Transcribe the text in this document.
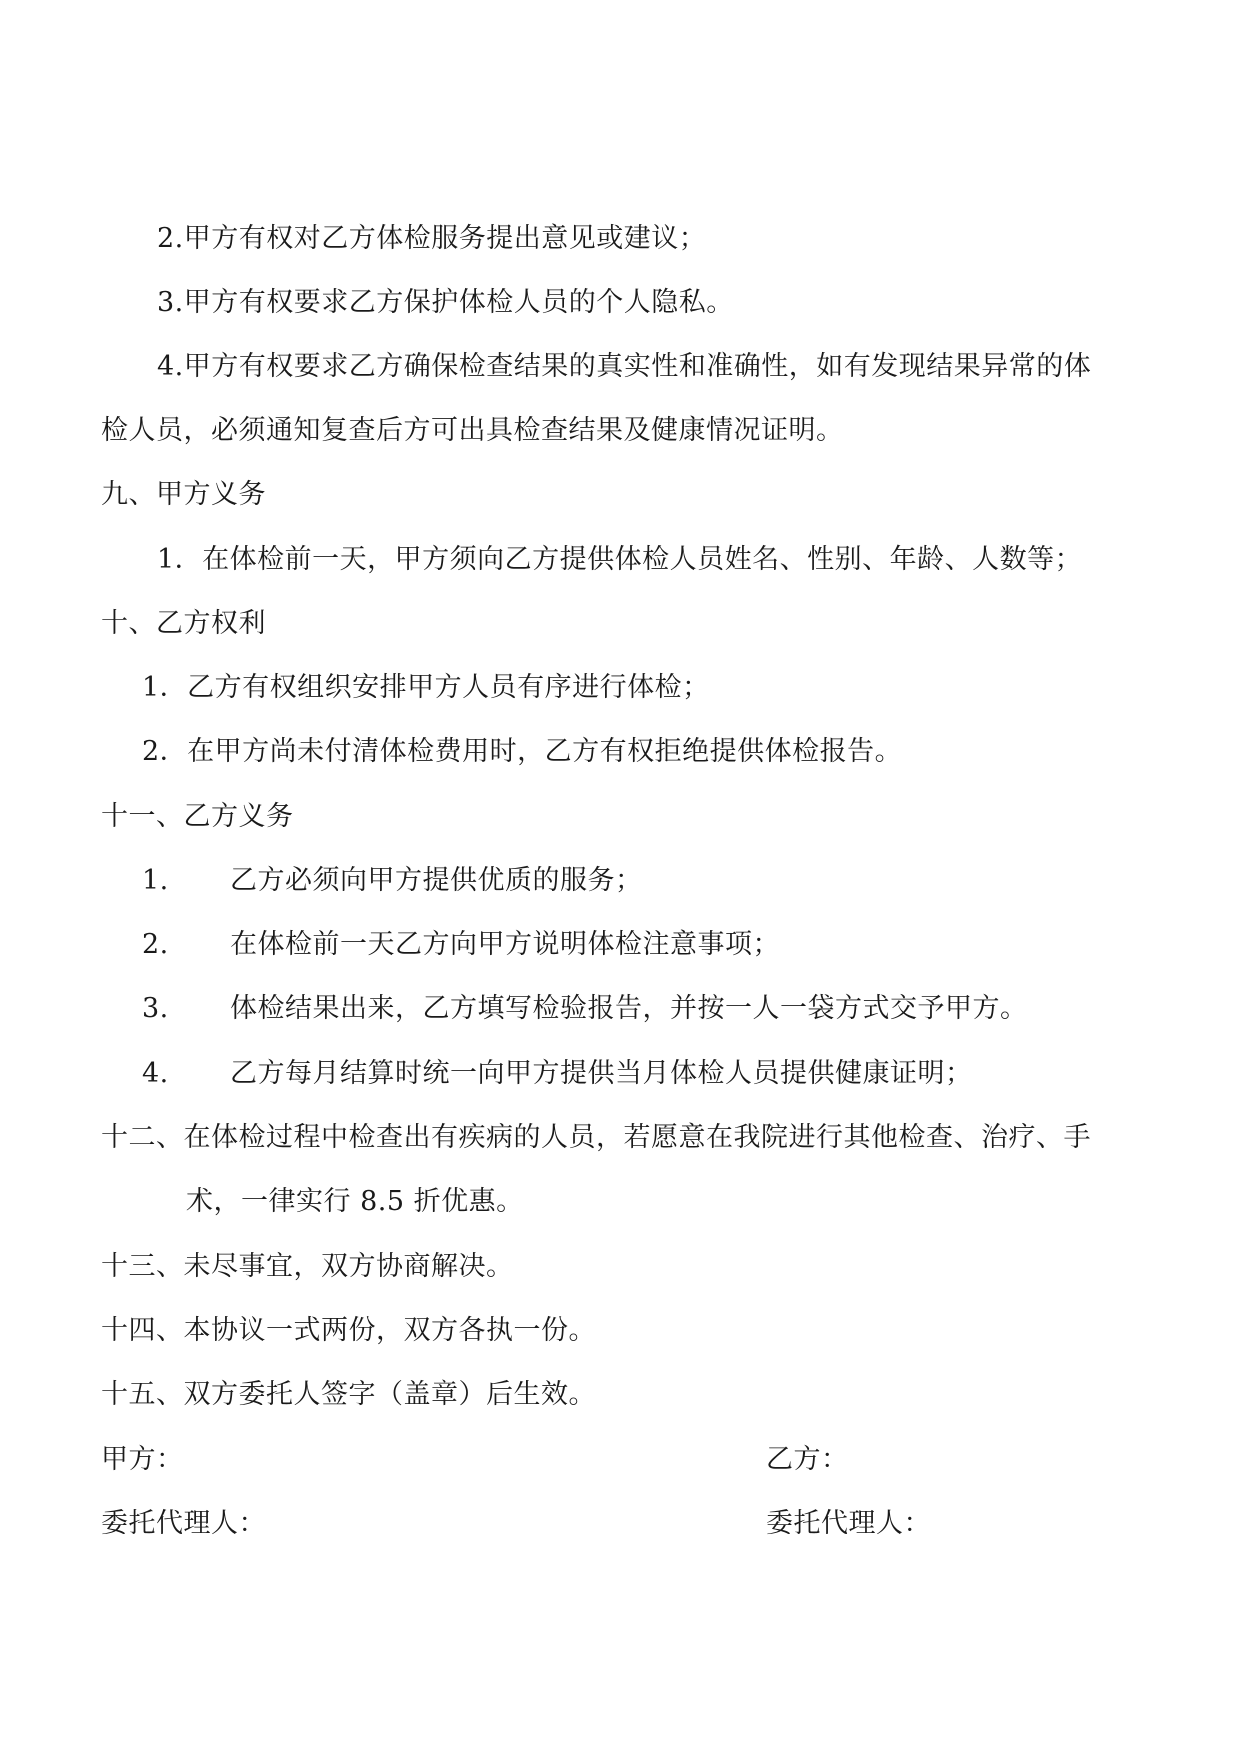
2.甲方有权对乙方体检服务提出意见或建议；
3.甲方有权要求乙方保护体检人员的个人隐私。
4.甲方有权要求乙方确保检查结果的真实性和准确性，如有发现结果异常的体
检人员，必须通知复查后方可出具检查结果及健康情况证明。
九、甲方义务
1．在体检前一天，甲方须向乙方提供体检人员姓名、性别、年龄、人数等；
十、乙方权利
1．乙方有权组织安排甲方人员有序进行体检；
2．在甲方尚未付清体检费用时，乙方有权拒绝提供体检报告。
十一、乙方义务
1. 乙方必须向甲方提供优质的服务；
2. 在体检前一天乙方向甲方说明体检注意事项；
3. 体检结果出来，乙方填写检验报告，并按一人一袋方式交予甲方。
4. 乙方每月结算时统一向甲方提供当月体检人员提供健康证明；
十二、在体检过程中检查出有疾病的人员，若愿意在我院进行其他检查、治疗、手
术，一律实行 8.5 折优惠。
十三、未尽事宜，双方协商解决。
十四、本协议一式两份，双方各执一份。
十五、双方委托人签字（盖章）后生效。
甲方：	乙方：
委托代理人：	委托代理人：
